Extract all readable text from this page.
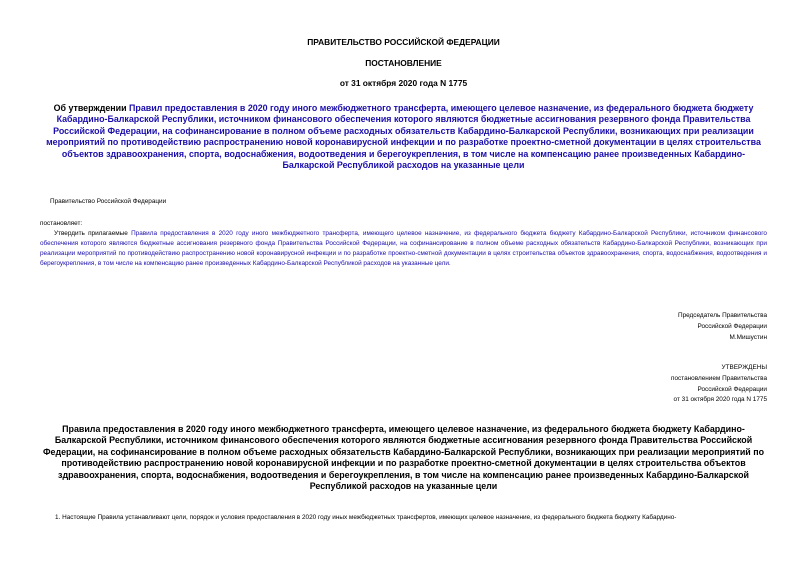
ПРАВИТЕЛЬСТВО РОССИЙСКОЙ ФЕДЕРАЦИИ
ПОСТАНОВЛЕНИЕ
от 31 октября 2020 года N 1775
Об утверждении Правил предоставления в 2020 году иного межбюджетного трансферта, имеющего целевое назначение, из федерального бюджета бюджету Кабардино-Балкарской Республики, источником финансового обеспечения которого являются бюджетные ассигнования резервного фонда Правительства Российской Федерации, на софинансирование в полном объеме расходных обязательств Кабардино-Балкарской Республики, возникающих при реализации мероприятий по противодействию распространению новой коронавирусной инфекции и по разработке проектно-сметной документации в целях строительства объектов здравоохранения, спорта, водоснабжения, водоотведения и берегоукрепления, в том числе на компенсацию ранее произведенных Кабардино-Балкарской Республикой расходов на указанные цели
Правительство Российской Федерации
постановляет:
Утвердить прилагаемые Правила предоставления в 2020 году иного межбюджетного трансферта, имеющего целевое назначение, из федерального бюджета бюджету Кабардино-Балкарской Республики, источником финансового обеспечения которого являются бюджетные ассигнования резервного фонда Правительства Российской Федерации, на софинансирование в полном объеме расходных обязательств Кабардино-Балкарской Республики, возникающих при реализации мероприятий по противодействию распространению новой коронавирусной инфекции и по разработке проектно-сметной документации в целях строительства объектов здравоохранения, спорта, водоснабжения, водоотведения и берегоукрепления, в том числе на компенсацию ранее произведенных Кабардино-Балкарской Республикой расходов на указанные цели.
Председатель Правительства
Российской Федерации
М.Мишустин
УТВЕРЖДЕНЫ
постановлением Правительства
Российской Федерации
от 31 октября 2020 года N 1775
Правила предоставления в 2020 году иного межбюджетного трансферта, имеющего целевое назначение, из федерального бюджета бюджету Кабардино-Балкарской Республики, источником финансового обеспечения которого являются бюджетные ассигнования резервного фонда Правительства Российской Федерации, на софинансирование в полном объеме расходных обязательств Кабардино-Балкарской Республики, возникающих при реализации мероприятий по противодействию распространению новой коронавирусной инфекции и по разработке проектно-сметной документации в целях строительства объектов здравоохранения, спорта, водоснабжения, водоотведения и берегоукрепления, в том числе на компенсацию ранее произведенных Кабардино-Балкарской Республикой расходов на указанные цели
1. Настоящие Правила устанавливают цели, порядок и условия предоставления в 2020 году иных межбюджетных трансфертов, имеющих целевое назначение, из федерального бюджета бюджету Кабардино-
